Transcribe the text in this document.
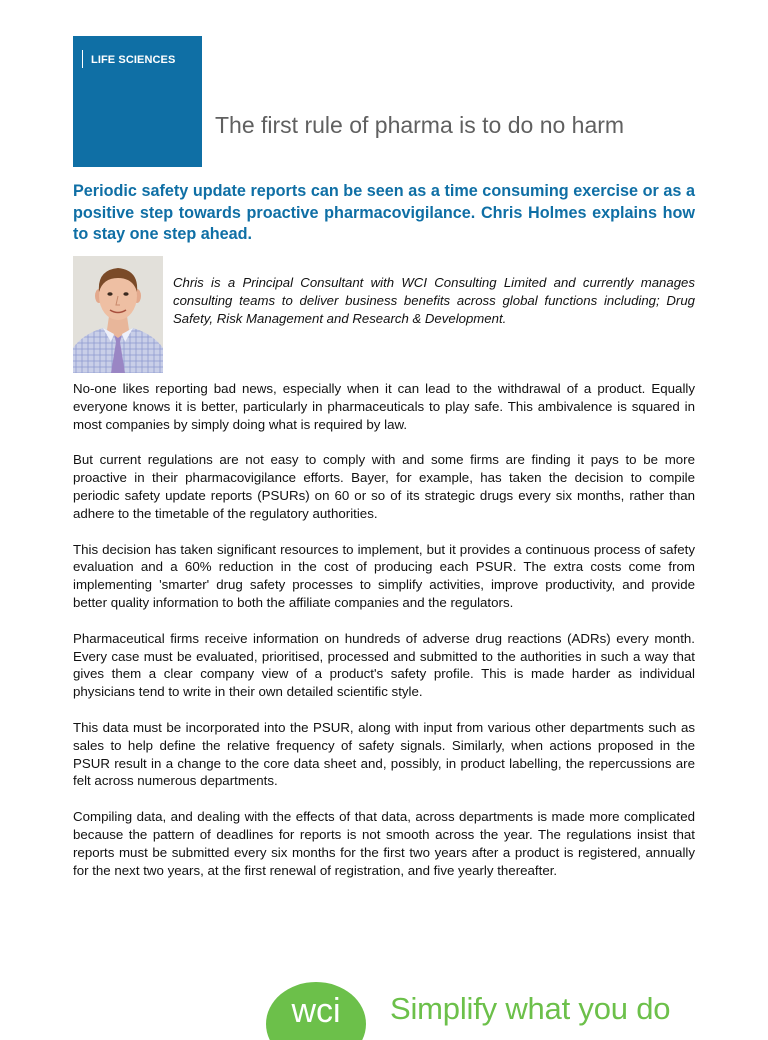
LIFE SCIENCES
The first rule of pharma is to do no harm

Periodic safety update reports can be seen as a time consuming exercise or as a positive step towards proactive pharmacovigilance. Chris Holmes explains how to stay one step ahead.

Chris is a Principal Consultant with WCI Consulting Limited and currently manages consulting teams to deliver business benefits across global functions including; Drug Safety, Risk Management and Research & Development.

No-one likes reporting bad news, especially when it can lead to the withdrawal of a product. Equally everyone knows it is better, particularly in pharmaceuticals to play safe. This ambivalence is squared in most companies by simply doing what is required by law.

But current regulations are not easy to comply with and some firms are finding it pays to be more proactive in their pharmacovigilance efforts. Bayer, for example, has taken the decision to compile periodic safety update reports (PSURs) on 60 or so of its strategic drugs every six months, rather than adhere to the timetable of the regulatory authorities.

This decision has taken significant resources to implement, but it provides a continuous process of safety evaluation and a 60% reduction in the cost of producing each PSUR. The extra costs come from implementing 'smarter' drug safety processes to simplify activities, improve productivity, and provide better quality information to both the affiliate companies and the regulators.

Pharmaceutical firms receive information on hundreds of adverse drug reactions (ADRs) every month. Every case must be evaluated, prioritised, processed and submitted to the authorities in such a way that gives them a clear company view of a product's safety profile. This is made harder as individual physicians tend to write in their own detailed scientific style.

This data must be incorporated into the PSUR, along with input from various other departments such as sales to help define the relative frequency of safety signals. Similarly, when actions proposed in the PSUR result in a change to the core data sheet and, possibly, in product labelling, the repercussions are felt across numerous departments.

Compiling data, and dealing with the effects of that data, across departments is made more complicated because the pattern of deadlines for reports is not smooth across the year. The regulations insist that reports must be submitted every six months for the first two years after a product is registered, annually for the next two years, at the first renewal of registration, and five yearly thereafter.

wci Simplify what you do
